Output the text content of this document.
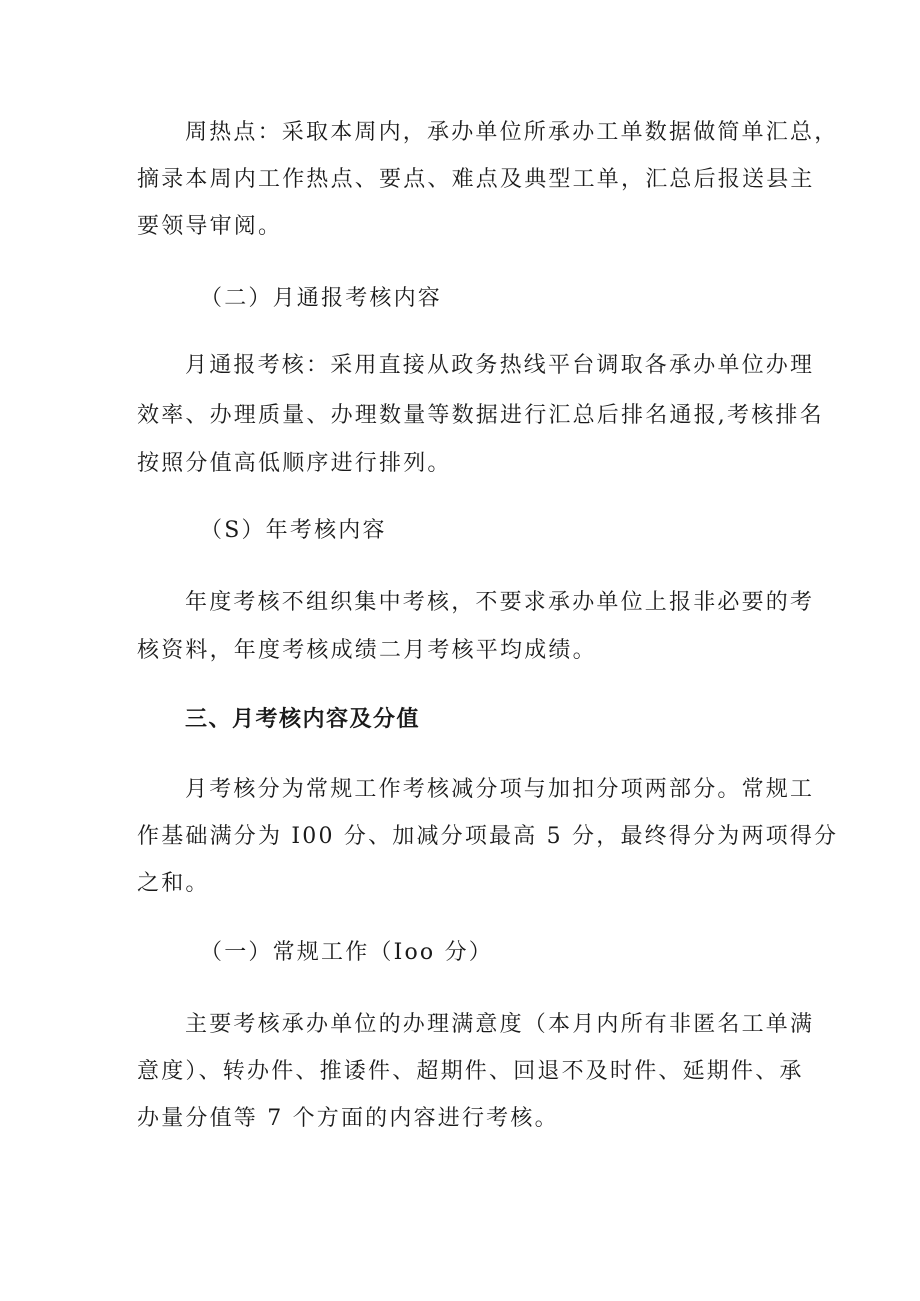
周热点：采取本周内，承办单位所承办工单数据做简单汇总，
摘录本周内工作热点、要点、难点及典型工单，汇总后报送县主
要领导审阅。
（二）月通报考核内容
月通报考核：采用直接从政务热线平台调取各承办单位办理
效率、办理质量、办理数量等数据进行汇总后排名通报,考核排名
按照分值高低顺序进行排列。
（S）年考核内容
年度考核不组织集中考核，不要求承办单位上报非必要的考
核资料，年度考核成绩二月考核平均成绩。
三、月考核内容及分值
月考核分为常规工作考核减分项与加扣分项两部分。常规工
作基础满分为 I00 分、加减分项最高 5 分，最终得分为两项得分
之和。
（一）常规工作（Ioo 分）
主要考核承办单位的办理满意度（本月内所有非匿名工单满
意度）、转办件、推诿件、超期件、回退不及时件、延期件、承
办量分值等 7 个方面的内容进行考核。
